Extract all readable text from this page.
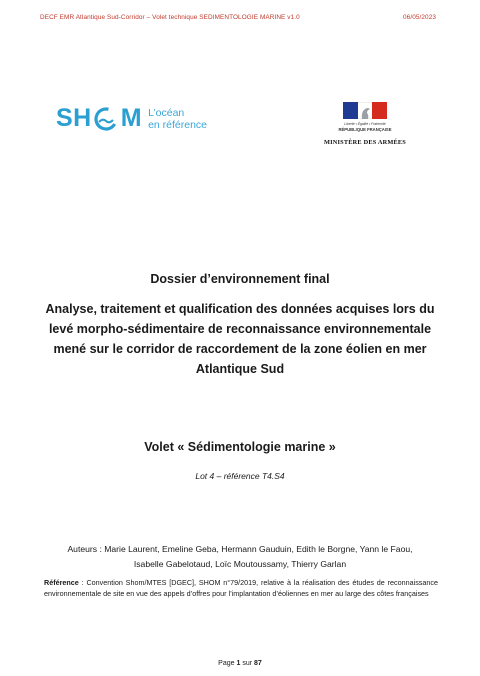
DECF EMR Atlantique Sud-Corridor – Volet technique SEDIMENTOLOGIE MARINE v1.0	06/05/2023
SH M L’océan
en référence	Liberté • Égalité • Fraternité
RÉPUBLIQUE FRANÇAISE
MINISTÈRE DES ARMÉES
Dossier d’environnement final
Analyse, traitement et qualification des données acquises lors du levé morpho-sédimentaire de reconnaissance environnementale mené sur le corridor de raccordement de la zone éolien en mer Atlantique Sud
Volet « Sédimentologie marine »
Lot 4 – référence T4.S4
Auteurs : Marie Laurent, Emeline Geba, Hermann Gauduin, Edith le Borgne, Yann le Faou,
Isabelle Gabelotaud, Loïc Moutoussamy, Thierry Garlan
Référence : Convention Shom/MTES [DGEC], SHOM n°79/2019, relative à la réalisation des études de reconnaissance environnementale de site en vue des appels d’offres pour l’implantation d’éoliennes en mer au large des côtes françaises
Page 1 sur 87
